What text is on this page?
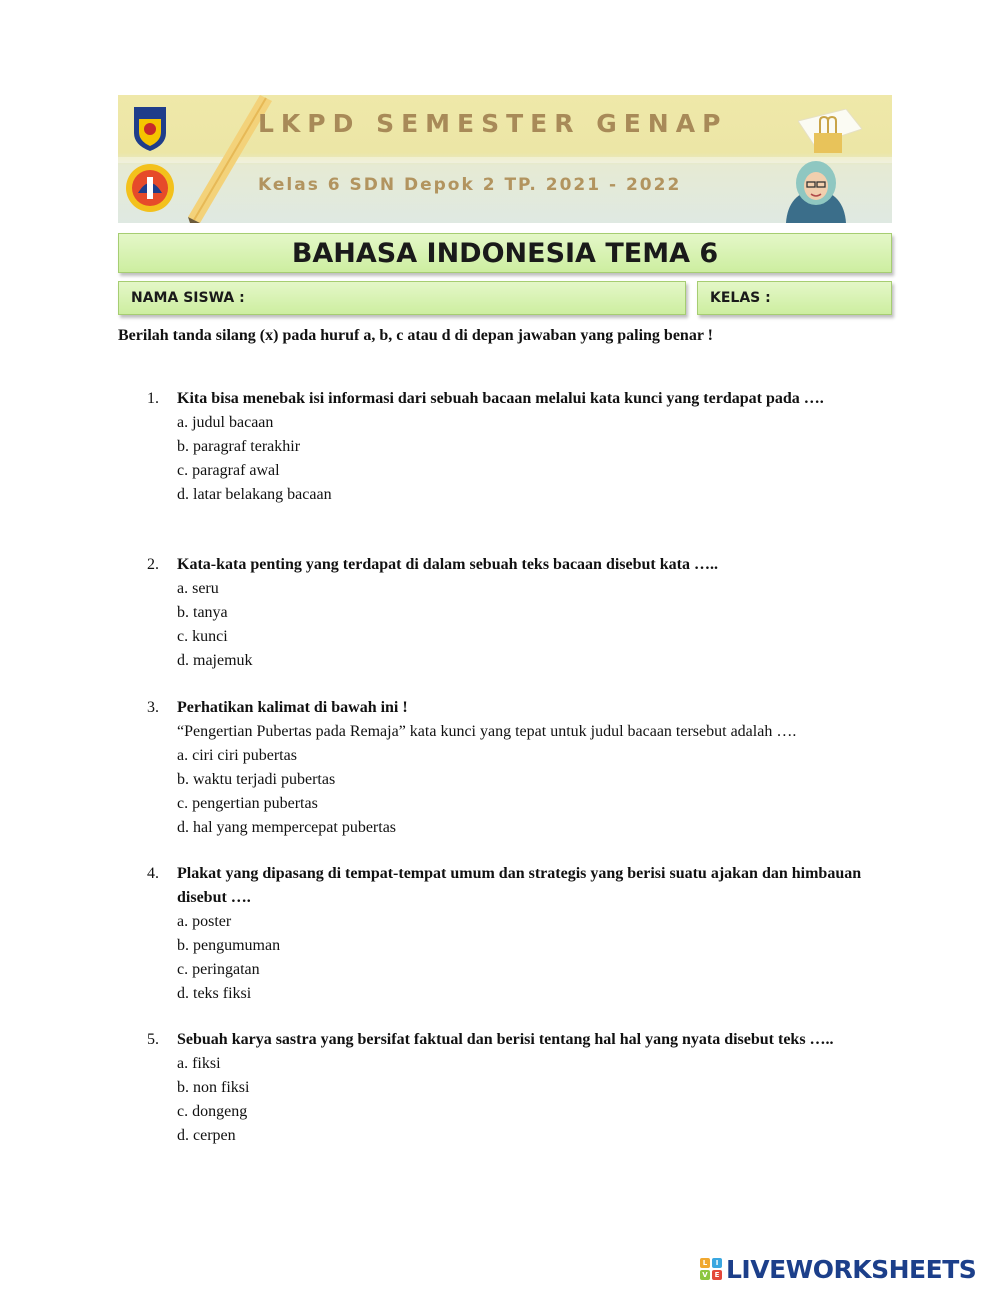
LKPD SEMESTER GENAP
Kelas 6 SDN Depok 2 TP. 2021 - 2022
BAHASA INDONESIA TEMA 6
NAMA SISWA :	KELAS :
Berilah tanda silang (x) pada huruf a, b, c atau d di depan jawaban yang paling benar !
1. Kita bisa menebak isi informasi dari sebuah bacaan melalui kata kunci yang terdapat pada ….
a. judul bacaan
b. paragraf terakhir
c. paragraf awal
d. latar belakang bacaan
2. Kata-kata penting yang terdapat di dalam sebuah teks bacaan disebut kata …..
a. seru
b. tanya
c. kunci
d. majemuk
3. Perhatikan kalimat di bawah ini !
“Pengertian Pubertas pada Remaja” kata kunci yang tepat untuk judul bacaan tersebut adalah ….
a. ciri ciri pubertas
b. waktu terjadi pubertas
c. pengertian pubertas
d. hal yang mempercepat pubertas
4. Plakat yang dipasang di tempat-tempat umum dan strategis yang berisi suatu ajakan dan himbauan disebut ….
a. poster
b. pengumuman
c. peringatan
d. teks fiksi
5. Sebuah karya sastra yang bersifat faktual dan berisi tentang hal hal yang nyata disebut teks …..
a. fiksi
b. non fiksi
c. dongeng
d. cerpen
L	I
V E LIVEWORKSHEETS
